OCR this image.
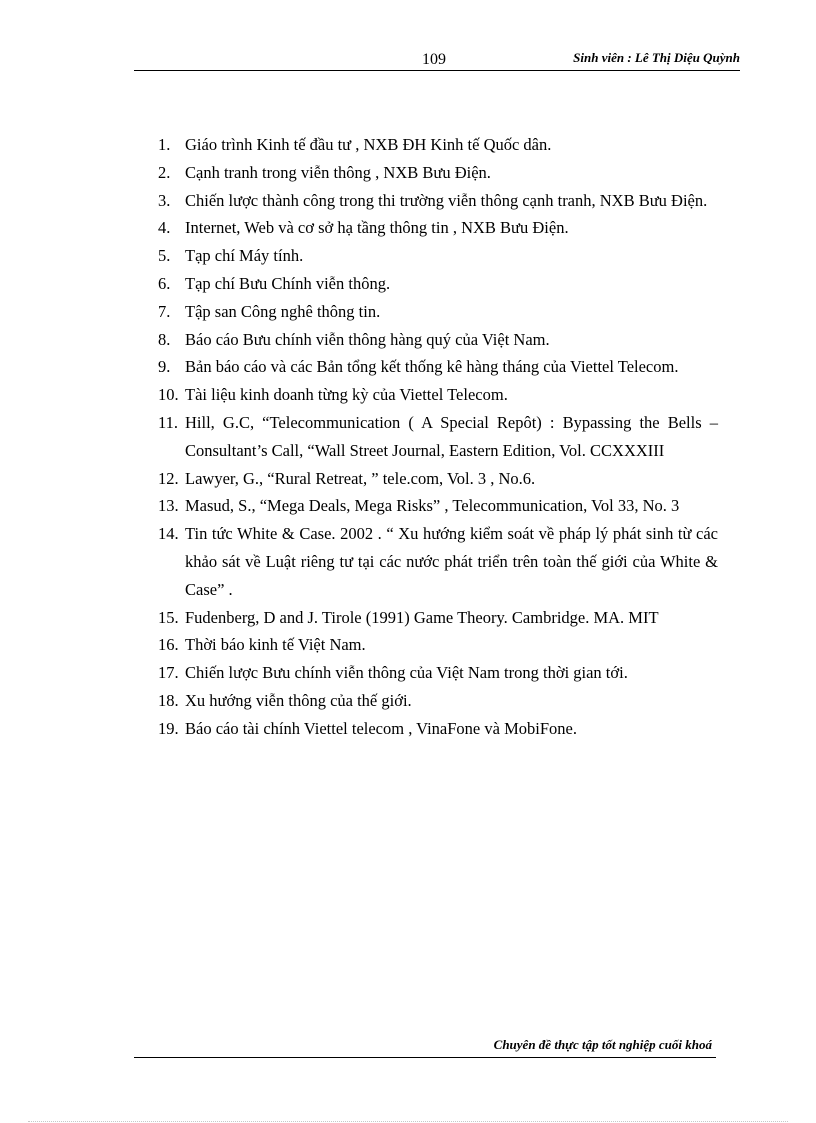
109	Sinh viên : Lê Thị Diệu Quỳnh
1. Giáo trình Kinh tế đầu tư , NXB ĐH Kinh tế Quốc dân.
2. Cạnh tranh trong viễn thông , NXB Bưu Điện.
3. Chiến lược thành công trong thi trường viễn thông cạnh tranh, NXB Bưu Điện.
4. Internet, Web và cơ sở hạ tầng thông tin , NXB Bưu Điện.
5. Tạp chí Máy tính.
6. Tạp chí Bưu Chính viễn thông.
7. Tập san Công nghê thông tin.
8. Báo cáo Bưu chính viễn thông hàng quý của Việt Nam.
9. Bản báo cáo và các Bản tổng kết thống kê hàng tháng của Viettel Telecom.
10. Tài liệu kinh doanh từng kỳ của Viettel Telecom.
11. Hill, G.C, “Telecommunication ( A Special Repôt) : Bypassing the Bells – Consultant’s Call, “Wall Street Journal, Eastern Edition, Vol. CCXXXIII
12. Lawyer, G., “Rural Retreat, ” tele.com, Vol. 3 , No.6.
13. Masud, S., “Mega Deals, Mega Risks” , Telecommunication, Vol 33, No. 3
14. Tin tức White & Case. 2002 . “ Xu hướng kiểm soát về pháp lý phát sinh từ các khảo sát về Luật riêng tư tại các nước phát triển trên toàn thế giới của White & Case” .
15. Fudenberg, D and J. Tirole (1991) Game Theory. Cambridge. MA. MIT
16. Thời báo kinh tế Việt Nam.
17. Chiến lược Bưu chính viễn thông của Việt Nam trong thời gian tới.
18. Xu hướng viễn thông của thế giới.
19. Báo cáo tài chính Viettel telecom , VinaFone và MobiFone.
Chuyên đề thực tập tốt nghiệp cuối khoá
